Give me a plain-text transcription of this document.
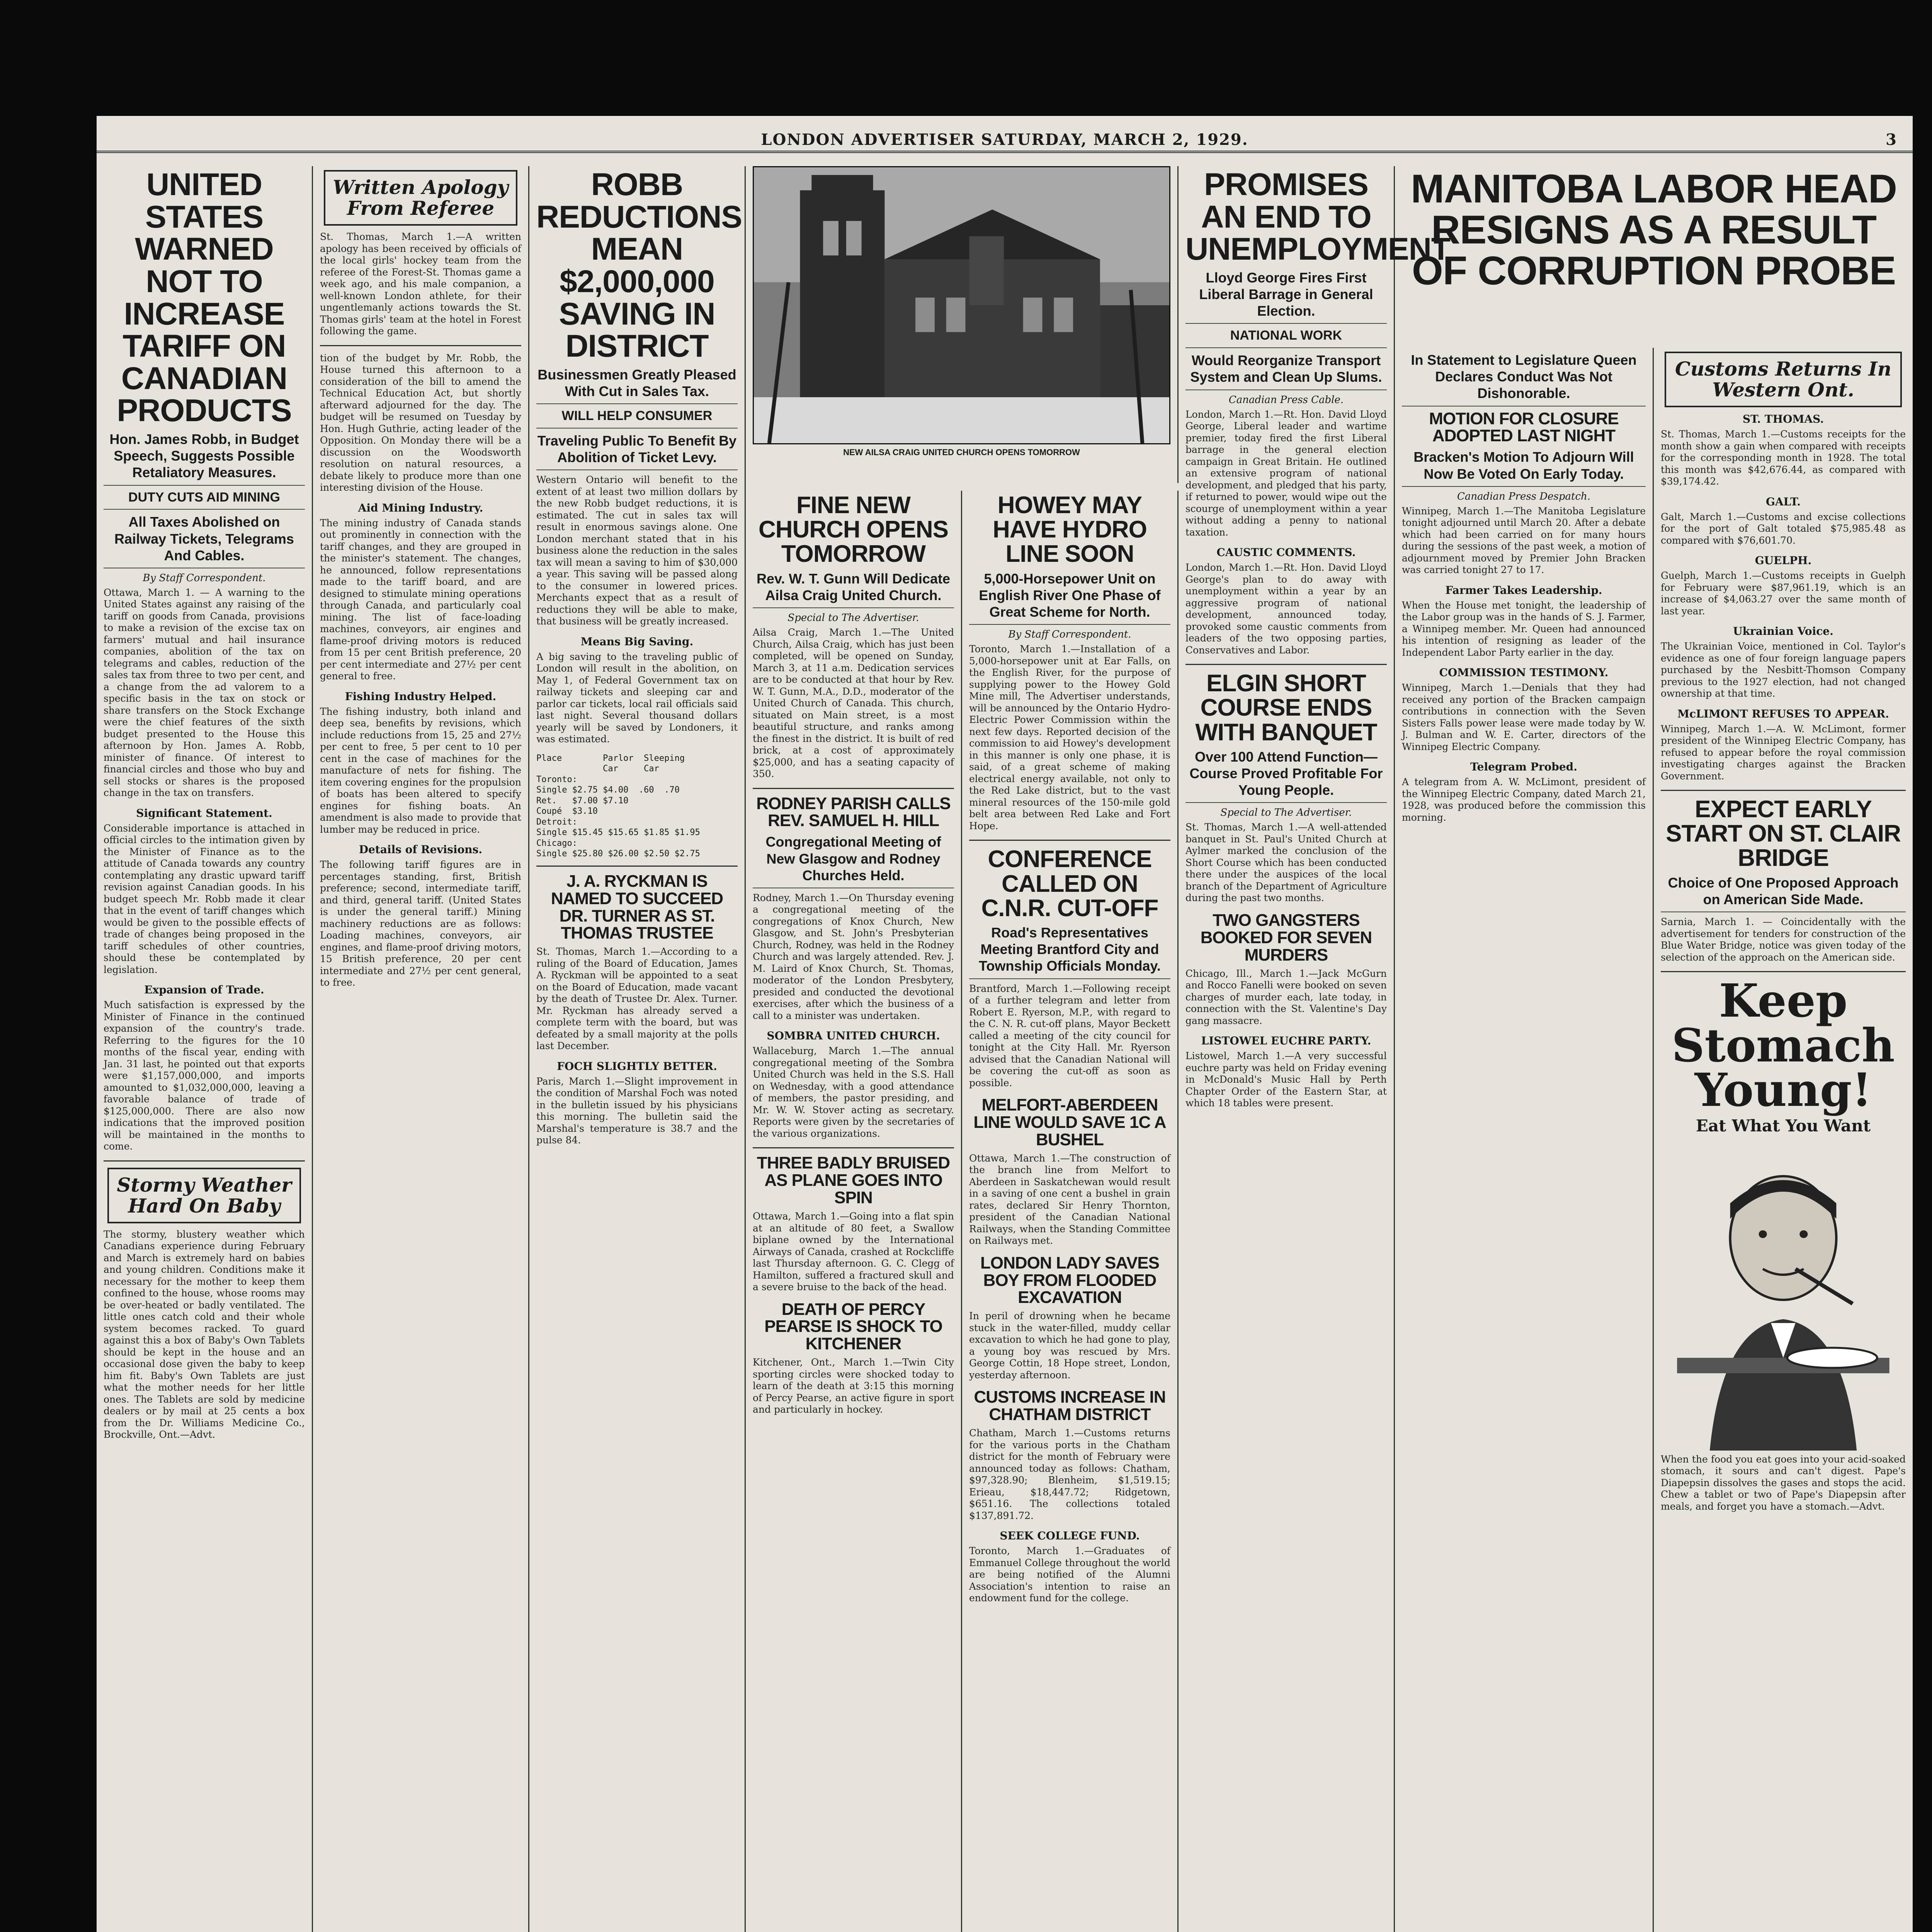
LONDON ADVERTISER SATURDAY, MARCH 2, 1929.	3
UNITED STATES WARNED NOT TO INCREASE TARIFF ON CANADIAN PRODUCTS
Hon. James Robb, in Budget Speech, Suggests Possible Retaliatory Measures.
DUTY CUTS AID MINING
All Taxes Abolished on Railway Tickets, Telegrams And Cables.
By Staff Correspondent.
Ottawa, March 1. — A warning to the United States against any raising of the tariff on goods from Canada, provisions to make a revision of the excise tax on farmers' mutual and hail insurance companies, abolition of the tax on telegrams and cables, reduction of the sales tax from three to two per cent, and a change from the ad valorem to a specific basis in the tax on stock or share transfers on the Stock Exchange were the chief features of the sixth budget presented to the House this afternoon by Hon. James A. Robb, minister of finance. Of interest to financial circles and those who buy and sell stocks or shares is the proposed change in the tax on transfers.
Significant Statement.
Considerable importance is attached in official circles to the intimation given by the Minister of Finance as to the attitude of Canada towards any country contemplating any drastic upward tariff revision against Canadian goods. In his budget speech Mr. Robb made it clear that in the event of tariff changes which would be given to the possible effects of trade of changes being proposed in the tariff schedules of other countries, should these be contemplated by legislation.
Expansion of Trade.
Much satisfaction is expressed by the Minister of Finance in the continued expansion of the country's trade. Referring to the figures for the 10 months of the fiscal year, ending with Jan. 31 last, he pointed out that exports were $1,157,000,000, and imports amounted to $1,032,000,000, leaving a favorable balance of trade of $125,000,000. There are also now indications that the improved position will be maintained in the months to come.
Stormy Weather Hard On Baby
The stormy, blustery weather which Canadians experience during February and March is extremely hard on babies and young children. Conditions make it necessary for the mother to keep them confined to the house, whose rooms may be over-heated or badly ventilated. The little ones catch cold and their whole system becomes racked. To guard against this a box of Baby's Own Tablets should be kept in the house and an occasional dose given the baby to keep him fit. Baby's Own Tablets are just what the mother needs for her little ones. The Tablets are sold by medicine dealers or by mail at 25 cents a box from the Dr. Williams Medicine Co., Brockville, Ont.—Advt.
Written Apology From Referee
St. Thomas, March 1.—A written apology has been received by officials of the local girls' hockey team from the referee of the Forest-St. Thomas game a week ago, and his male companion, a well-known London athlete, for their ungentlemanly actions towards the St. Thomas girls' team at the hotel in Forest following the game.
tion of the budget by Mr. Robb, the House turned this afternoon to a consideration of the bill to amend the Technical Education Act, but shortly afterward adjourned for the day. The budget will be resumed on Tuesday by Hon. Hugh Guthrie, acting leader of the Opposition. On Monday there will be a discussion on the Woodsworth resolution on natural resources, a debate likely to produce more than one interesting division of the House.
Aid Mining Industry.
The mining industry of Canada stands out prominently in connection with the tariff changes, and they are grouped in the minister's statement. The changes, he announced, follow representations made to the tariff board, and are designed to stimulate mining operations through Canada, and particularly coal mining. The list of face-loading machines, conveyors, air engines and flame-proof driving motors is reduced from 15 per cent British preference, 20 per cent intermediate and 27½ per cent general to free.
Fishing Industry Helped.
The fishing industry, both inland and deep sea, benefits by revisions, which include reductions from 15, 25 and 27½ per cent to free, 5 per cent to 10 per cent in the case of machines for the manufacture of nets for fishing. The item covering engines for the propulsion of boats has been altered to specify engines for fishing boats. An amendment is also made to provide that lumber may be reduced in price.
Details of Revisions.
The following tariff figures are in percentages standing, first, British preference; second, intermediate tariff, and third, general tariff. (United States is under the general tariff.) Mining machinery reductions are as follows: Loading machines, conveyors, air engines, and flame-proof driving motors, 15 British preference, 20 per cent intermediate and 27½ per cent general, to free.
ROBB REDUCTIONS MEAN $2,000,000 SAVING IN DISTRICT
Businessmen Greatly Pleased With Cut in Sales Tax.
WILL HELP CONSUMER
Traveling Public To Benefit By Abolition of Ticket Levy.
Western Ontario will benefit to the extent of at least two million dollars by the new Robb budget reductions, it is estimated. The cut in sales tax will result in enormous savings alone. One London merchant stated that in his business alone the reduction in the sales tax will mean a saving to him of $30,000 a year. This saving will be passed along to the consumer in lowered prices. Merchants expect that as a result of reductions they will be able to make, that business will be greatly increased.
Means Big Saving.
A big saving to the traveling public of London will result in the abolition, on May 1, of Federal Government tax on railway tickets and sleeping car and parlor car tickets, local rail officials said last night. Several thousand dollars yearly will be saved by Londoners, it was estimated.
Place        Parlor  Sleeping
Car     Car
Toronto:
Single $2.75 $4.00  .60  .70
Ret.   $7.00 $7.10
Coupé  $3.10
Detroit:
Single $15.45 $15.65 $1.85 $1.95
Chicago:
Single $25.80 $26.00 $2.50 $2.75
J. A. RYCKMAN IS NAMED TO SUCCEED DR. TURNER AS ST. THOMAS TRUSTEE
St. Thomas, March 1.—According to a ruling of the Board of Education, James A. Ryckman will be appointed to a seat on the Board of Education, made vacant by the death of Trustee Dr. Alex. Turner. Mr. Ryckman has already served a complete term with the board, but was defeated by a small majority at the polls last December.
FOCH SLIGHTLY BETTER.
Paris, March 1.—Slight improvement in the condition of Marshal Foch was noted in the bulletin issued by his physicians this morning. The bulletin said the Marshal's temperature is 38.7 and the pulse 84.
NEW AILSA CRAIG UNITED CHURCH OPENS TOMORROW
FINE NEW CHURCH OPENS TOMORROW
Rev. W. T. Gunn Will Dedicate Ailsa Craig United Church.
Special to The Advertiser.
Ailsa Craig, March 1.—The United Church, Ailsa Craig, which has just been completed, will be opened on Sunday, March 3, at 11 a.m. Dedication services are to be conducted at that hour by Rev. W. T. Gunn, M.A., D.D., moderator of the United Church of Canada. This church, situated on Main street, is a most beautiful structure, and ranks among the finest in the district. It is built of red brick, at a cost of approximately $25,000, and has a seating capacity of 350.
RODNEY PARISH CALLS REV. SAMUEL H. HILL
Congregational Meeting of New Glasgow and Rodney Churches Held.
Rodney, March 1.—On Thursday evening a congregational meeting of the congregations of Knox Church, New Glasgow, and St. John's Presbyterian Church, Rodney, was held in the Rodney Church and was largely attended. Rev. J. M. Laird of Knox Church, St. Thomas, moderator of the London Presbytery, presided and conducted the devotional exercises, after which the business of a call to a minister was undertaken.
SOMBRA UNITED CHURCH.
Wallaceburg, March 1.—The annual congregational meeting of the Sombra United Church was held in the S.S. Hall on Wednesday, with a good attendance of members, the pastor presiding, and Mr. W. W. Stover acting as secretary. Reports were given by the secretaries of the various organizations.
THREE BADLY BRUISED AS PLANE GOES INTO SPIN
Ottawa, March 1.—Going into a flat spin at an altitude of 80 feet, a Swallow biplane owned by the International Airways of Canada, crashed at Rockcliffe last Thursday afternoon. G. C. Clegg of Hamilton, suffered a fractured skull and a severe bruise to the back of the head.
DEATH OF PERCY PEARSE IS SHOCK TO KITCHENER
Kitchener, Ont., March 1.—Twin City sporting circles were shocked today to learn of the death at 3:15 this morning of Percy Pearse, an active figure in sport and particularly in hockey.
HOWEY MAY HAVE HYDRO LINE SOON
5,000-Horsepower Unit on English River One Phase of Great Scheme for North.
By Staff Correspondent.
Toronto, March 1.—Installation of a 5,000-horsepower unit at Ear Falls, on the English River, for the purpose of supplying power to the Howey Gold Mine mill, The Advertiser understands, will be announced by the Ontario Hydro-Electric Power Commission within the next few days. Reported decision of the commission to aid Howey's development in this manner is only one phase, it is said, of a great scheme of making electrical energy available, not only to the Red Lake district, but to the vast mineral resources of the 150-mile gold belt area between Red Lake and Fort Hope.
CONFERENCE CALLED ON C.N.R. CUT-OFF
Road's Representatives Meeting Brantford City and Township Officials Monday.
Brantford, March 1.—Following receipt of a further telegram and letter from Robert E. Ryerson, M.P., with regard to the C. N. R. cut-off plans, Mayor Beckett called a meeting of the city council for tonight at the City Hall. Mr. Ryerson advised that the Canadian National will be covering the cut-off as soon as possible.
MELFORT-ABERDEEN LINE WOULD SAVE 1C A BUSHEL
Ottawa, March 1.—The construction of the branch line from Melfort to Aberdeen in Saskatchewan would result in a saving of one cent a bushel in grain rates, declared Sir Henry Thornton, president of the Canadian National Railways, when the Standing Committee on Railways met.
LONDON LADY SAVES BOY FROM FLOODED EXCAVATION
In peril of drowning when he became stuck in the water-filled, muddy cellar excavation to which he had gone to play, a young boy was rescued by Mrs. George Cottin, 18 Hope street, London, yesterday afternoon.
CUSTOMS INCREASE IN CHATHAM DISTRICT
Chatham, March 1.—Customs returns for the various ports in the Chatham district for the month of February were announced today as follows: Chatham, $97,328.90; Blenheim, $1,519.15; Erieau, $18,447.72; Ridgetown, $651.16. The collections totaled $137,891.72.
SEEK COLLEGE FUND.
Toronto, March 1.—Graduates of Emmanuel College throughout the world are being notified of the Alumni Association's intention to raise an endowment fund for the college.
PROMISES AN END TO UNEMPLOYMENT
Lloyd George Fires First Liberal Barrage in General Election.
NATIONAL WORK
Would Reorganize Transport System and Clean Up Slums.
Canadian Press Cable.
London, March 1.—Rt. Hon. David Lloyd George, Liberal leader and wartime premier, today fired the first Liberal barrage in the general election campaign in Great Britain. He outlined an extensive program of national development, and pledged that his party, if returned to power, would wipe out the scourge of unemployment within a year without adding a penny to national taxation.
CAUSTIC COMMENTS.
London, March 1.—Rt. Hon. David Lloyd George's plan to do away with unemployment within a year by an aggressive program of national development, announced today, provoked some caustic comments from leaders of the two opposing parties, Conservatives and Labor.
ELGIN SHORT COURSE ENDS WITH BANQUET
Over 100 Attend Function—Course Proved Profitable For Young People.
Special to The Advertiser.
St. Thomas, March 1.—A well-attended banquet in St. Paul's United Church at Aylmer marked the conclusion of the Short Course which has been conducted there under the auspices of the local branch of the Department of Agriculture during the past two months.
TWO GANGSTERS BOOKED FOR SEVEN MURDERS
Chicago, Ill., March 1.—Jack McGurn and Rocco Fanelli were booked on seven charges of murder each, late today, in connection with the St. Valentine's Day gang massacre.
LISTOWEL EUCHRE PARTY.
Listowel, March 1.—A very successful euchre party was held on Friday evening in McDonald's Music Hall by Perth Chapter Order of the Eastern Star, at which 18 tables were present.
MANITOBA LABOR HEAD RESIGNS AS A RESULT OF CORRUPTION PROBE
In Statement to Legislature Queen Declares Conduct Was Not Dishonorable.
MOTION FOR CLOSURE ADOPTED LAST NIGHT
Bracken's Motion To Adjourn Will Now Be Voted On Early Today.
Canadian Press Despatch.
Winnipeg, March 1.—The Manitoba Legislature tonight adjourned until March 20. After a debate which had been carried on for many hours during the sessions of the past week, a motion of adjournment moved by Premier John Bracken was carried tonight 27 to 17.
Farmer Takes Leadership.
When the House met tonight, the leadership of the Labor group was in the hands of S. J. Farmer, a Winnipeg member. Mr. Queen had announced his intention of resigning as leader of the Independent Labor Party earlier in the day.
COMMISSION TESTIMONY.
Winnipeg, March 1.—Denials that they had received any portion of the Bracken campaign contributions in connection with the Seven Sisters Falls power lease were made today by W. J. Bulman and W. E. Carter, directors of the Winnipeg Electric Company.
Telegram Probed.
A telegram from A. W. McLimont, president of the Winnipeg Electric Company, dated March 21, 1928, was produced before the commission this morning.
Customs Returns In Western Ont.
ST. THOMAS.
St. Thomas, March 1.—Customs receipts for the month show a gain when compared with receipts for the corresponding month in 1928. The total this month was $42,676.44, as compared with $39,174.42.
GALT.
Galt, March 1.—Customs and excise collections for the port of Galt totaled $75,985.48 as compared with $76,601.70.
GUELPH.
Guelph, March 1.—Customs receipts in Guelph for February were $87,961.19, which is an increase of $4,063.27 over the same month of last year.
Ukrainian Voice.
The Ukrainian Voice, mentioned in Col. Taylor's evidence as one of four foreign language papers purchased by the Nesbitt-Thomson Company previous to the 1927 election, had not changed ownership at that time.
McLIMONT REFUSES TO APPEAR.
Winnipeg, March 1.—A. W. McLimont, former president of the Winnipeg Electric Company, has refused to appear before the royal commission investigating charges against the Bracken Government.
EXPECT EARLY START ON ST. CLAIR BRIDGE
Choice of One Proposed Approach on American Side Made.
Sarnia, March 1. — Coincidentally with the advertisement for tenders for construction of the Blue Water Bridge, notice was given today of the selection of the approach on the American side.
Keep Stomach Young!
Eat What You Want
When the food you eat goes into your acid-soaked stomach, it sours and can't digest. Pape's Diapepsin dissolves the gases and stops the acid. Chew a tablet or two of Pape's Diapepsin after meals, and forget you have a stomach.—Advt.
